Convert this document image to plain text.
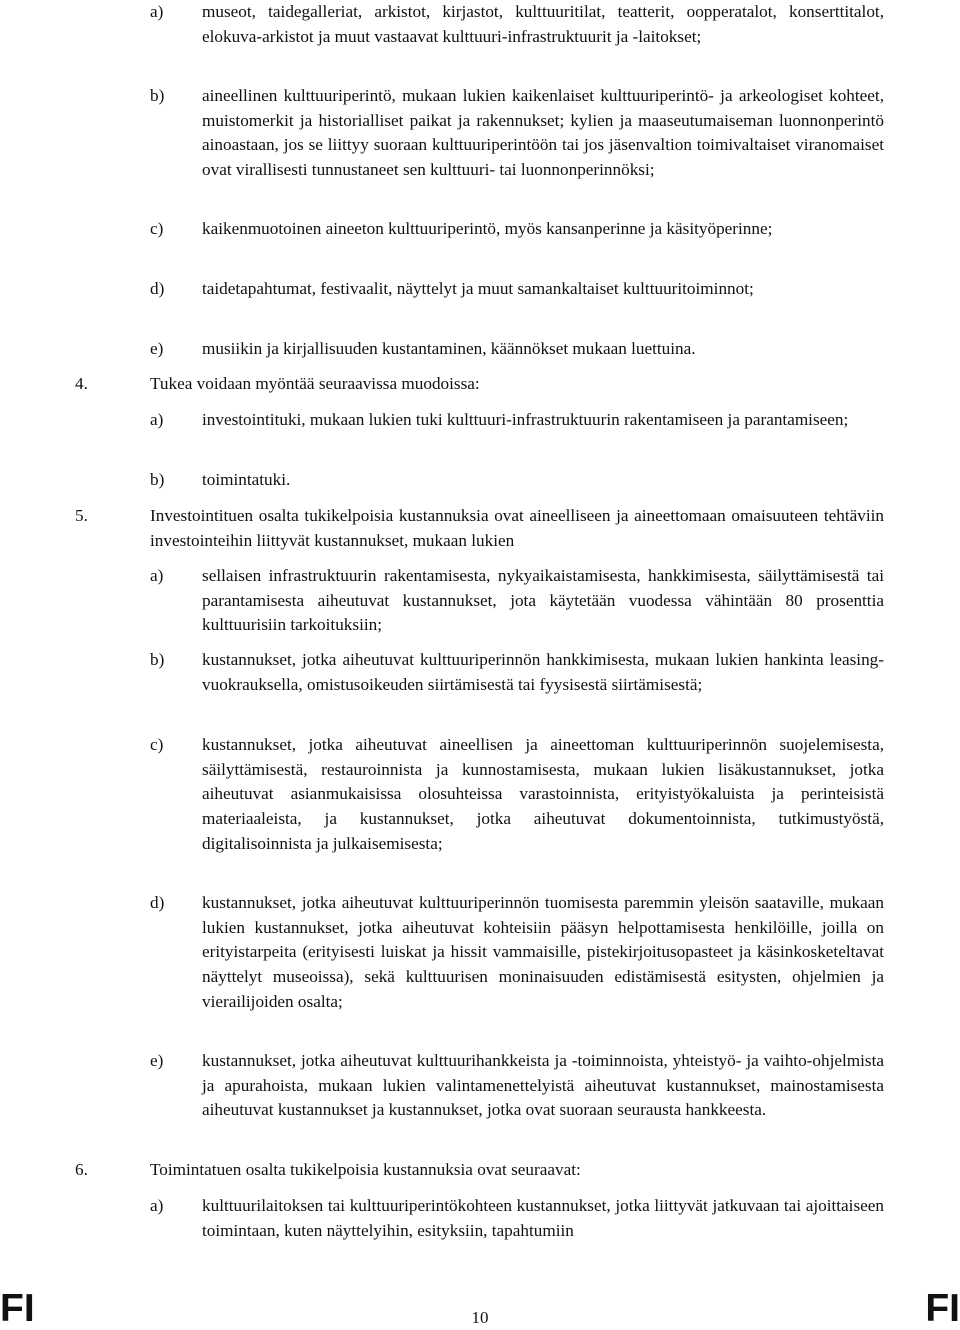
a) museot, taidegalleriat, arkistot, kirjastot, kulttuuritilat, teatterit, oopperatalot, konserttitalot, elokuva-arkistot ja muut vastaavat kulttuuri-infrastruktuurit ja -laitokset;
b) aineellinen kulttuuriperintö, mukaan lukien kaikenlaiset kulttuuriperintö- ja arkeologiset kohteet, muistomerkit ja historialliset paikat ja rakennukset; kylien ja maaseutumaiseman luonnonperintö ainoastaan, jos se liittyy suoraan kulttuuriperintöön tai jos jäsenvaltion toimivaltaiset viranomaiset ovat virallisesti tunnustaneet sen kulttuuri- tai luonnonperinnöksi;
c) kaikenmuotoinen aineeton kulttuuriperintö, myös kansanperinne ja käsityöperinne;
d) taidetapahtumat, festivaalit, näyttelyt ja muut samankaltaiset kulttuuritoiminnot;
e) musiikin ja kirjallisuuden kustantaminen, käännökset mukaan luettuina.
4.	Tukea voidaan myöntää seuraavissa muodoissa:
a) investointituki, mukaan lukien tuki kulttuuri-infrastruktuurin rakentamiseen ja parantamiseen;
b) toimintatuki.
5.	Investointituen osalta tukikelpoisia kustannuksia ovat aineelliseen ja aineettomaan omaisuuteen tehtäviin investointeihin liittyvät kustannukset, mukaan lukien
a) sellaisen infrastruktuurin rakentamisesta, nykyaikaistamisesta, hankkimisesta, säilyttämisestä tai parantamisesta aiheutuvat kustannukset, jota käytetään vuodessa vähintään 80 prosenttia kulttuurisiin tarkoituksiin;
b) kustannukset, jotka aiheutuvat kulttuuriperinnön hankkimisesta, mukaan lukien hankinta leasing-vuokrauksella, omistusoikeuden siirtämisestä tai fyysisestä siirtämisestä;
c) kustannukset, jotka aiheutuvat aineellisen ja aineettoman kulttuuriperinnön suojelemisesta, säilyttämisestä, restauroinnista ja kunnostamisesta, mukaan lukien lisäkustannukset, jotka aiheutuvat asianmukaisissa olosuhteissa varastoinnista, erityistyökaluista ja perinteisistä materiaaleista, ja kustannukset, jotka aiheutuvat dokumentoinnista, tutkimustyöstä, digitalisoinnista ja julkaisemisesta;
d) kustannukset, jotka aiheutuvat kulttuuriperinnön tuomisesta paremmin yleisön saataville, mukaan lukien kustannukset, jotka aiheutuvat kohteisiin pääsyn helpottamisesta henkilöille, joilla on erityistarpeita (erityisesti luiskat ja hissit vammaisille, pistekirjoitusopasteet ja käsinkosketeltavat näyttelyt museoissa), sekä kulttuurisen moninaisuuden edistämisestä esitysten, ohjelmien ja vierailijoiden osalta;
e) kustannukset, jotka aiheutuvat kulttuurihankkeista ja -toiminnoista, yhteistyö- ja vaihto-ohjelmista ja apurahoista, mukaan lukien valintamenettelyistä aiheutuvat kustannukset, mainostamisesta aiheutuvat kustannukset ja kustannukset, jotka ovat suoraan seurausta hankkeesta.
6.	Toimintatuen osalta tukikelpoisia kustannuksia ovat seuraavat:
a) kulttuurilaitoksen tai kulttuuriperintökohteen kustannukset, jotka liittyvät jatkuvaan tai ajoittaiseen toimintaan, kuten näyttelyihin, esityksiin, tapahtumiin
FI	10	FI
